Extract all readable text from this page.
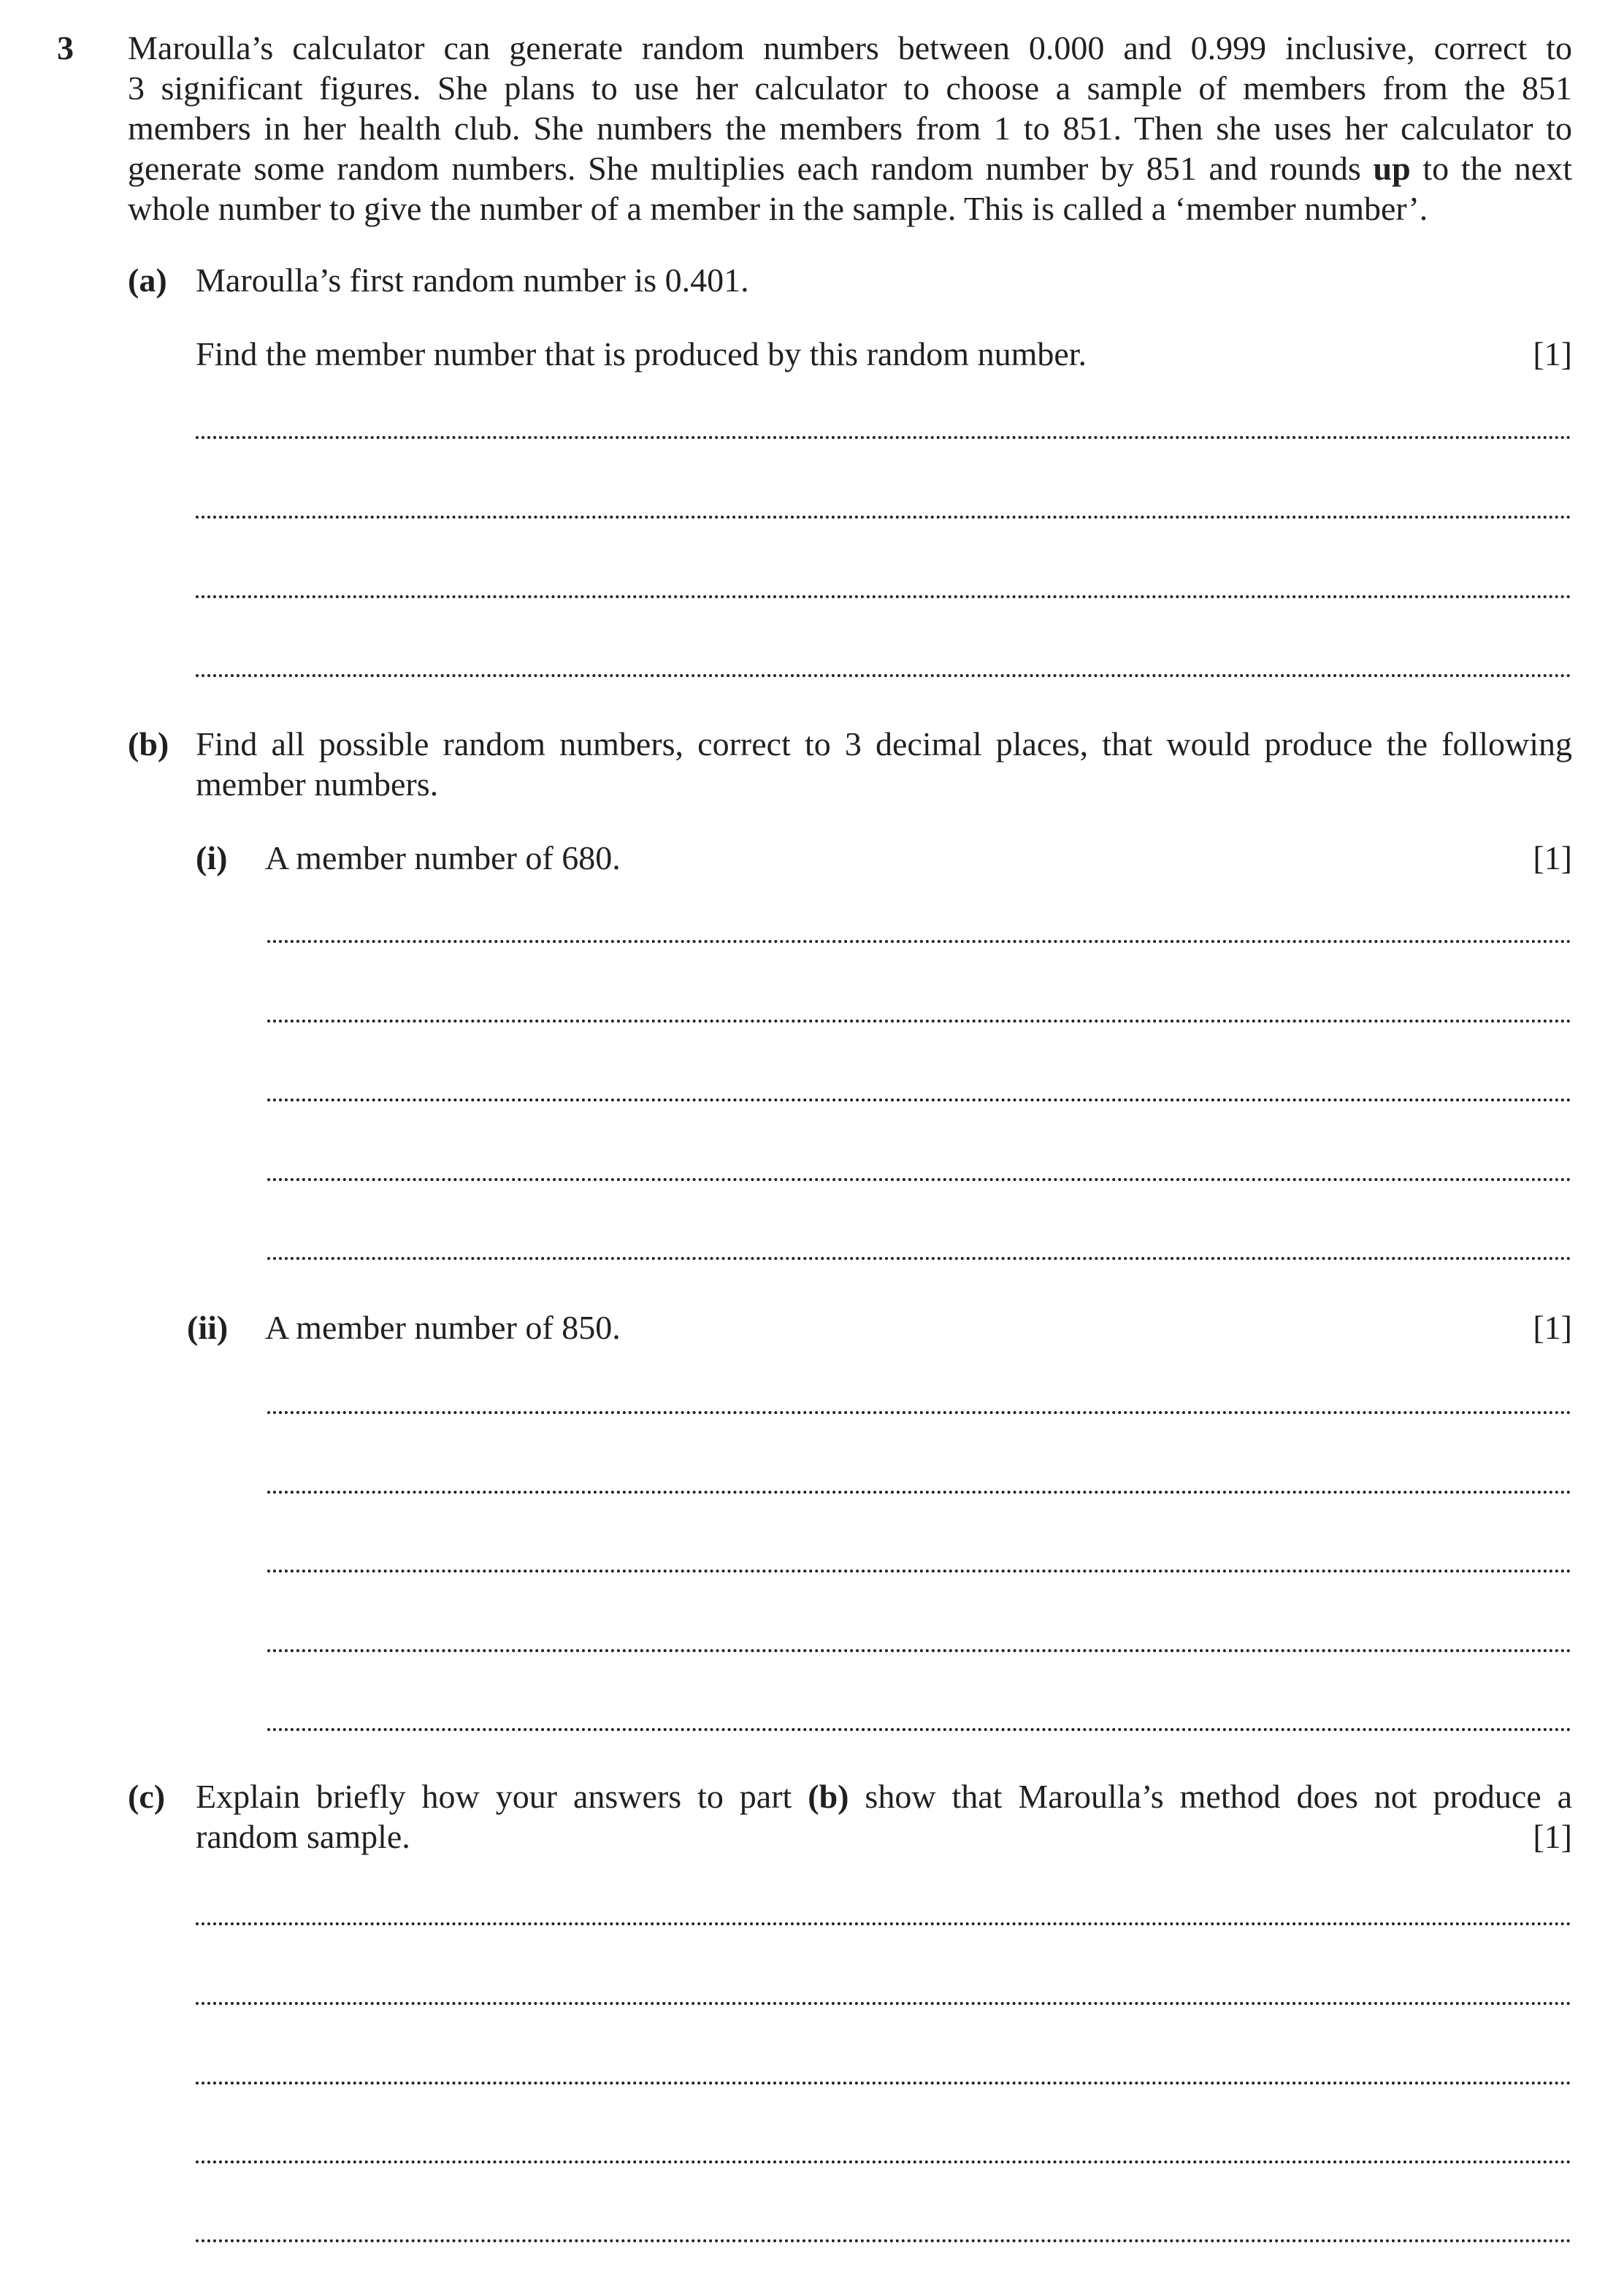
3 Maroulla’s calculator can generate random numbers between 0.000 and 0.999 inclusive, correct to
3 significant figures. She plans to use her calculator to choose a sample of members from the 851
members in her health club. She numbers the members from 1 to 851. Then she uses her calculator to
generate some random numbers. She multiplies each random number by 851 and rounds up to the next
whole number to give the number of a member in the sample. This is called a ‘member number’.
(a) Maroulla’s first random number is 0.401.
Find the member number that is produced by this random number.	[1]
(b) Find all possible random numbers, correct to 3 decimal places, that would produce the following
member numbers.
(i) A member number of 680.	[1]
(ii) A member number of 850.	[1]
(c) Explain briefly how your answers to part (b) show that Maroulla’s method does not produce a
random sample.	[1]
